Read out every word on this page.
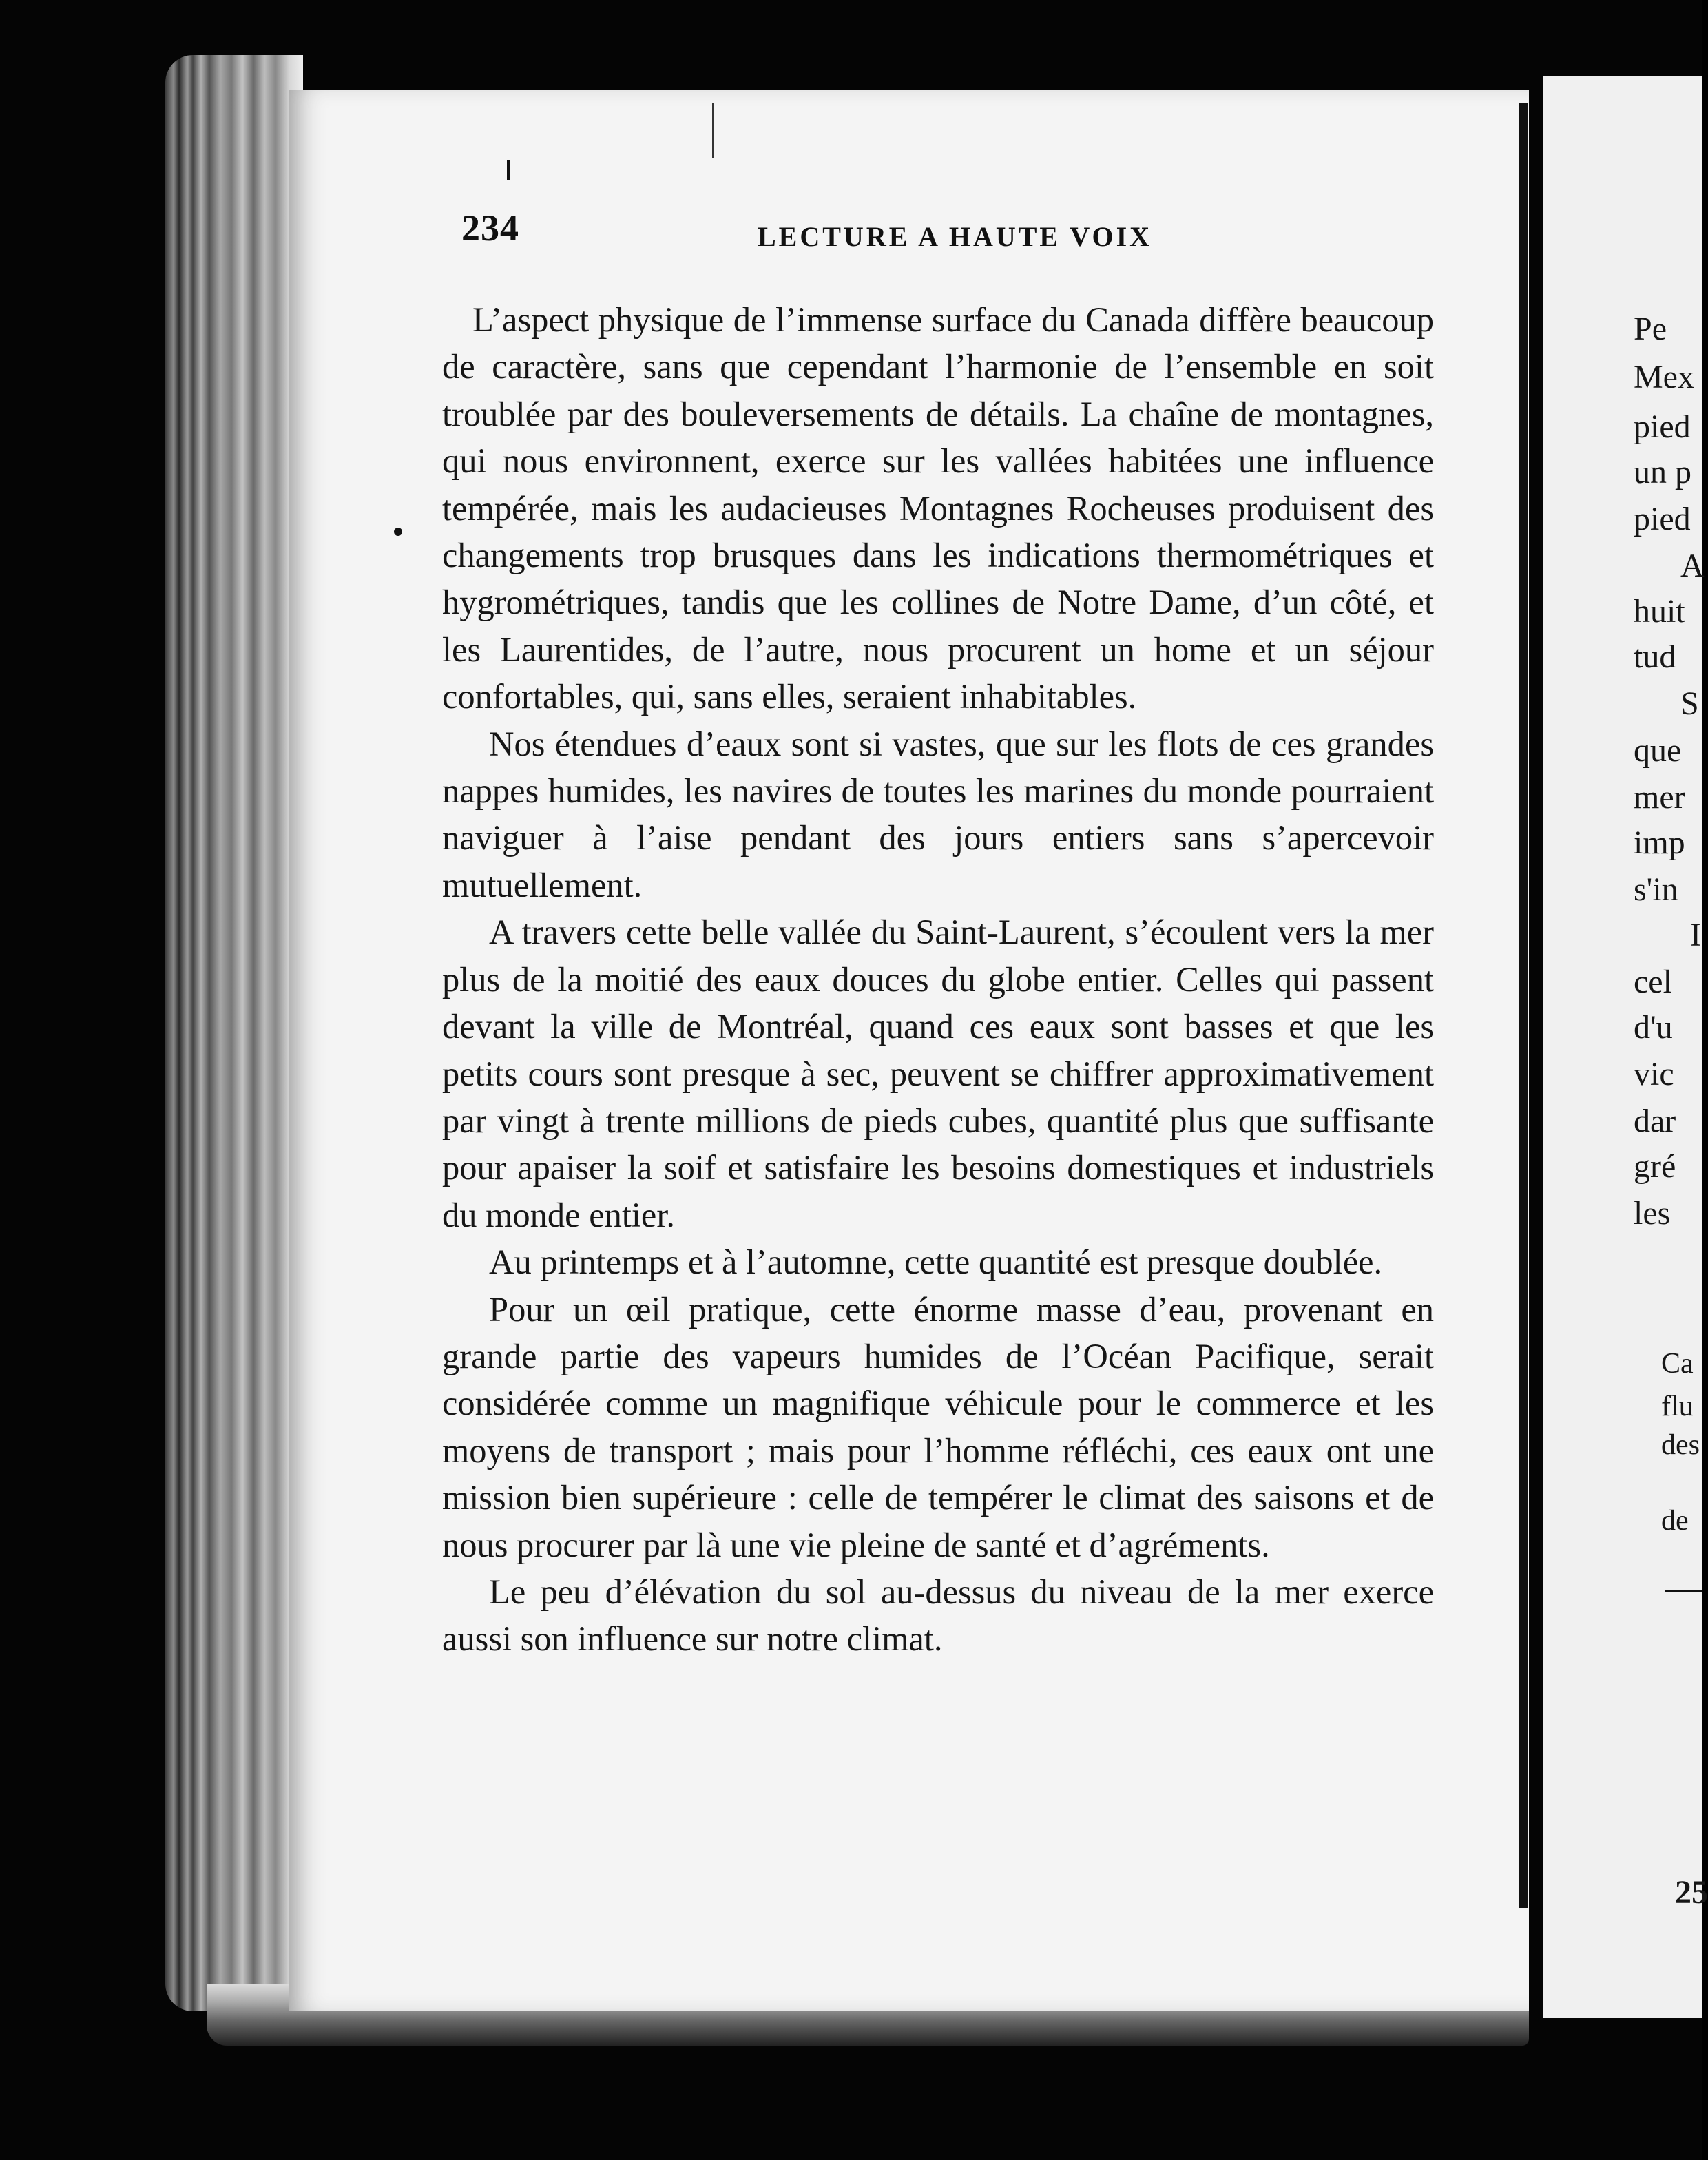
234	LECTURE A HAUTE VOIX

L’aspect physique de l’immense surface du Canada diffère beaucoup de caractère, sans que cependant l’harmonie de l’ensemble en soit troublée par des bouleversements de détails. La chaîne de montagnes, qui nous environnent, exerce sur les vallées habitées une influence tempérée, mais les audacieuses Montagnes Rocheuses produisent des changements trop brusques dans les indications thermométriques et hygrométriques, tandis que les collines de Notre Dame, d’un côté, et les Laurentides, de l’autre, nous procurent un home et un séjour confortables, qui, sans elles, seraient inhabitables.

Nos étendues d’eaux sont si vastes, que sur les flots de ces grandes nappes humides, les navires de toutes les marines du monde pourraient naviguer à l’aise pendant des jours entiers sans s’apercevoir mutuellement.

A travers cette belle vallée du Saint-Laurent, s’écoulent vers la mer plus de la moitié des eaux douces du globe entier. Celles qui passent devant la ville de Montréal, quand ces eaux sont basses et que les petits cours sont presque à sec, peuvent se chiffrer approximativement par vingt à trente millions de pieds cubes, quantité plus que suffisante pour apaiser la soif et satisfaire les besoins domestiques et industriels du monde entier.

Au printemps et à l’automne, cette quantité est presque doublée.

Pour un œil pratique, cette énorme masse d’eau, provenant en grande partie des vapeurs humides de l’Océan Pacifique, serait considérée comme un magnifique véhicule pour le commerce et les moyens de transport ; mais pour l’homme réfléchi, ces eaux ont une mission bien supérieure : celle de tempérer le climat des saisons et de nous procurer par là une vie pleine de santé et d’agréments.

Le peu d’élévation du sol au-dessus du niveau de la mer exerce aussi son influence sur notre climat.

Pe
Mex
pied
un p
pied
A
huit
tud
S
que
mer
imp
s'in
I
cel
d'u
vic
dar
gré
les
Ca
flu
des
de
25
